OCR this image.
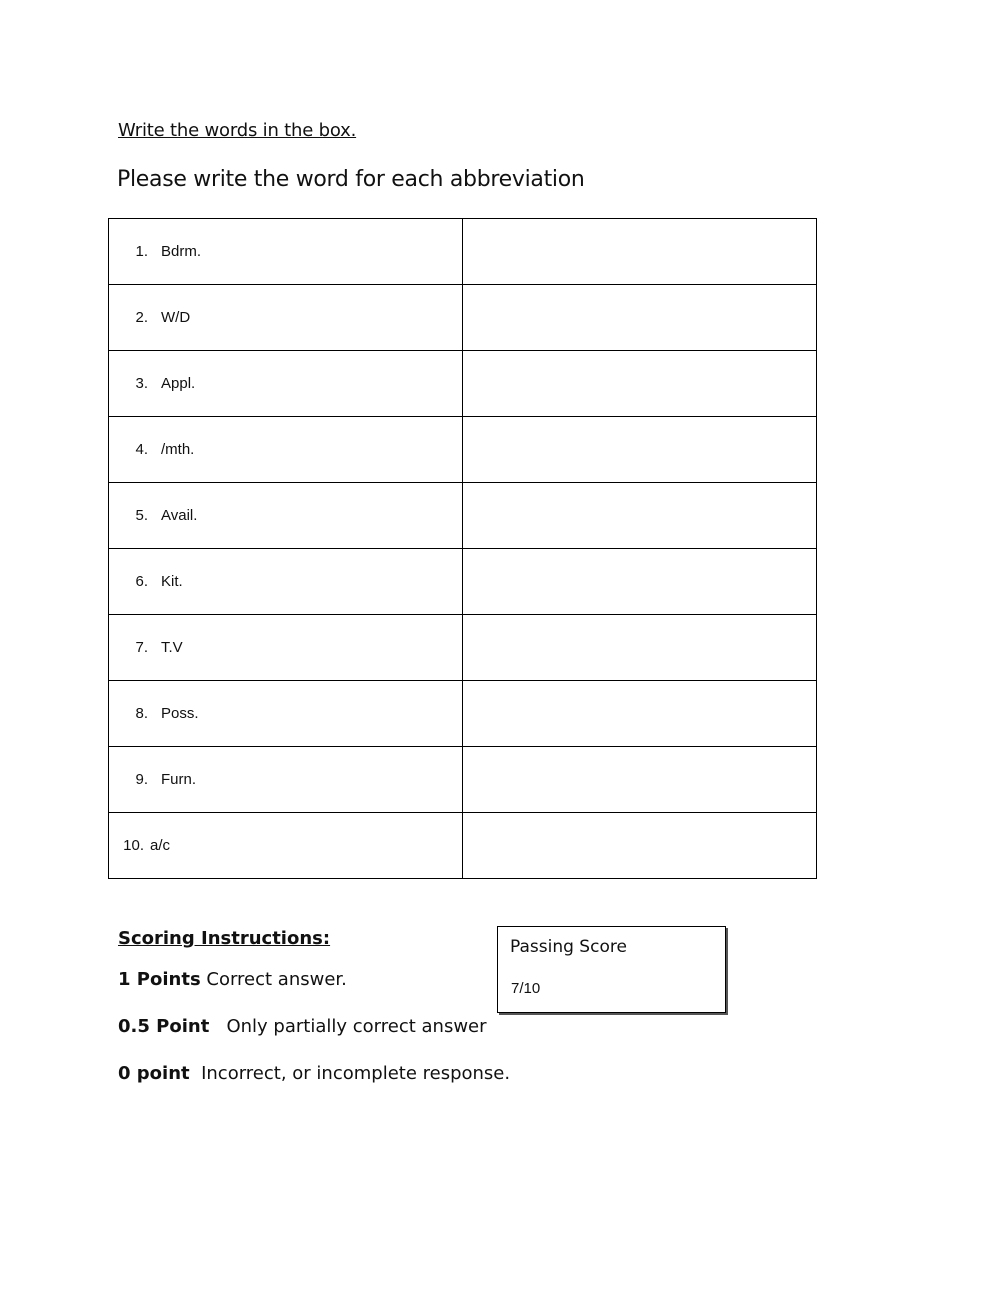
Write the words in the box.
Please write the word for each abbreviation
1. Bdrm.	
2. W/D	
3. Appl.	
4. /mth.	
5. Avail.	
6. Kit.	
7. T.V	
8. Poss.	
9. Furn.	
10. a/c	
Scoring Instructions:
1 Points Correct answer.
0.5 Point Only partially correct answer
0 point Incorrect, or incomplete response.
Passing Score
7/10
